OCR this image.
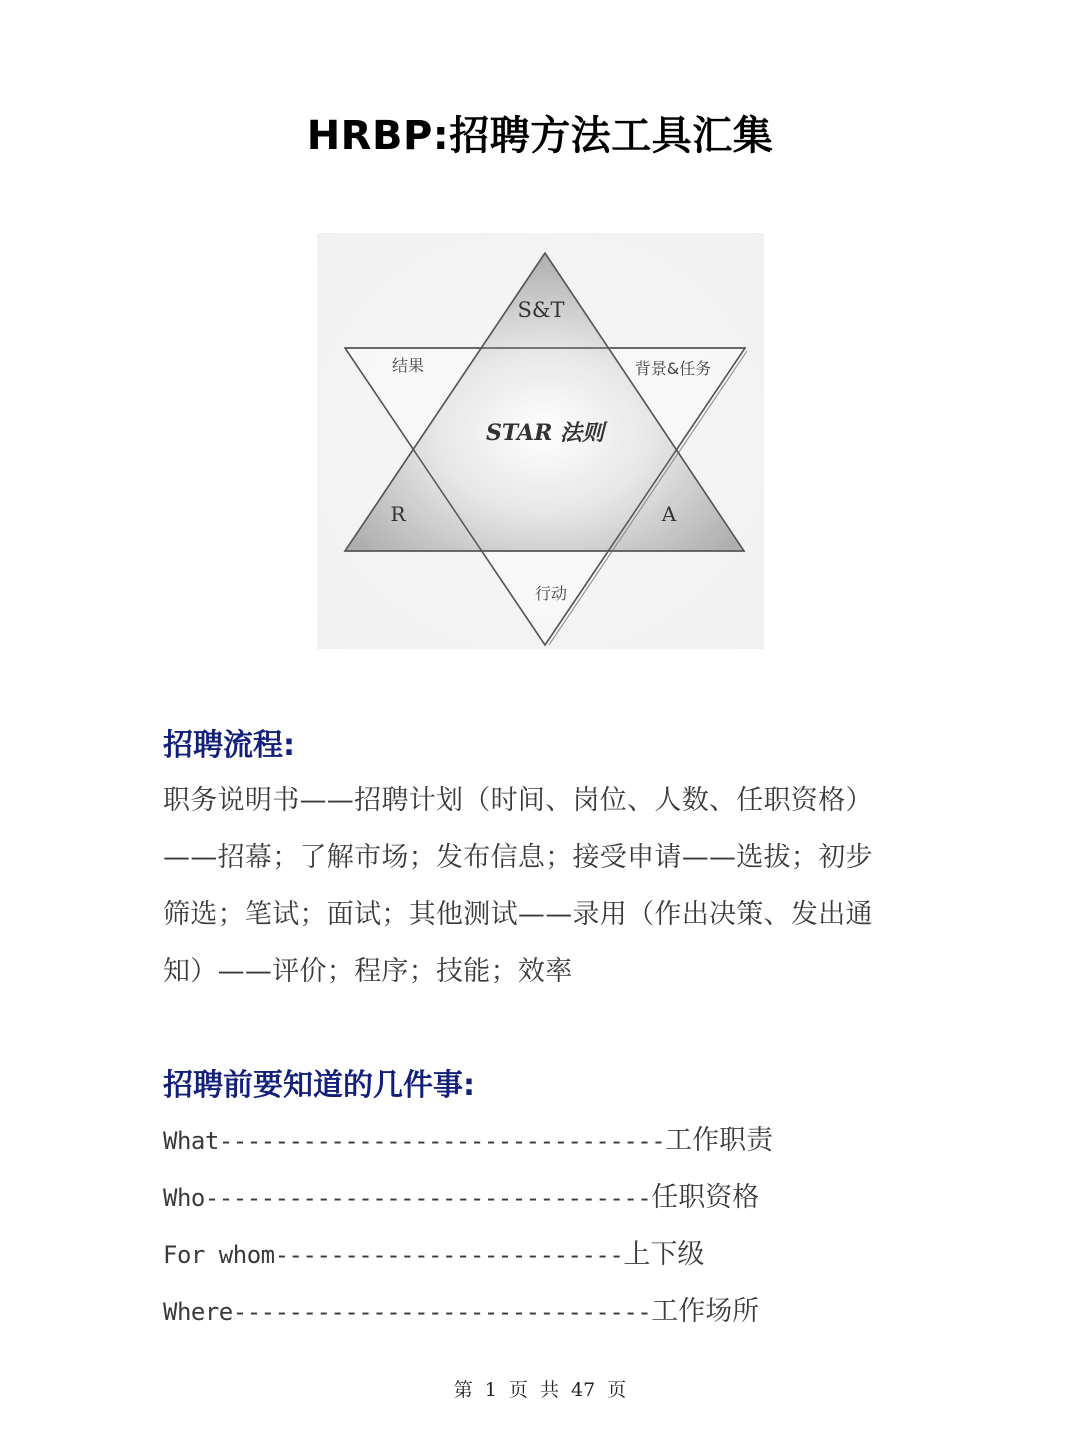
HRBP:招聘方法工具汇集
S&T
结果	背景&任务
STAR 法则
R	A
行动
招聘流程:
职务说明书——招聘计划（时间、岗位、人数、任职资格）
——招幕；了解市场；发布信息；接受申请——选拔；初步
筛选；笔试；面试；其他测试——录用（作出决策、发出通
知）——评价；程序；技能；效率
招聘前要知道的几件事:
What--------------------------------工作职责
Who--------------------------------任职资格
For whom-------------------------上下级
Where------------------------------工作场所
第 1 页 共 47 页
